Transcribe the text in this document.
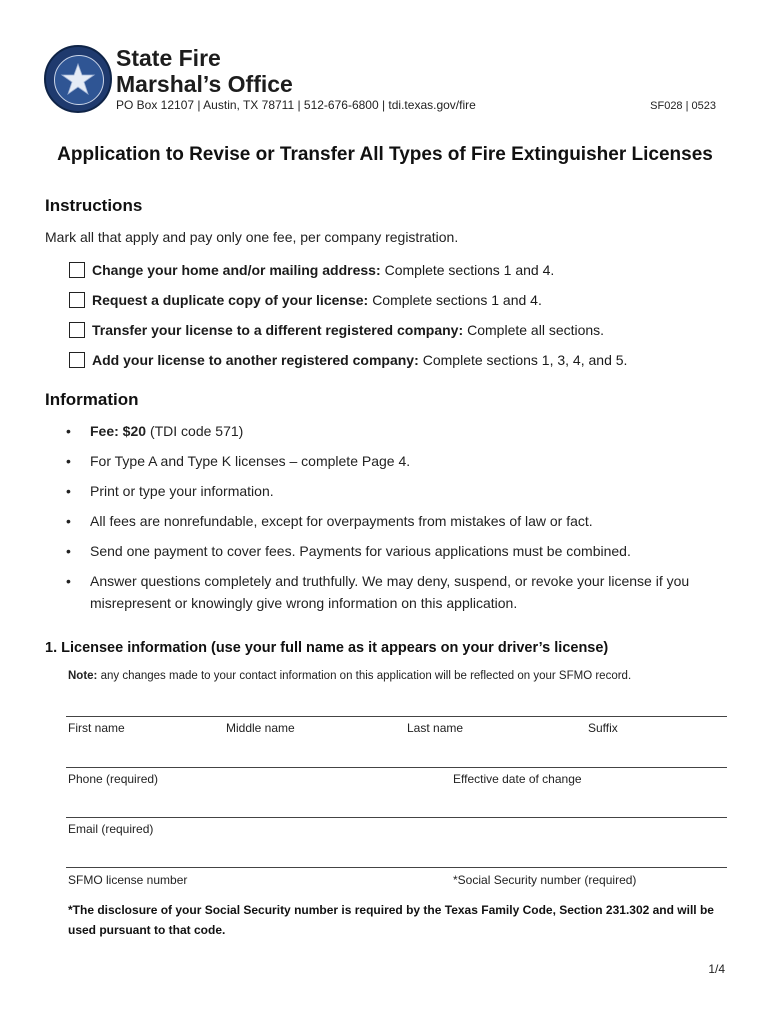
State Fire
Marshal’s Office
PO Box 12107 | Austin, TX 78711 | 512-676-6800 | tdi.texas.gov/fire	SF028 | 0523
Application to Revise or Transfer All Types of Fire Extinguisher Licenses
Instructions
Mark all that apply and pay only one fee, per company registration.
Change your home and/or mailing address: Complete sections 1 and 4.
Request a duplicate copy of your license: Complete sections 1 and 4.
Transfer your license to a different registered company: Complete all sections.
Add your license to another registered company: Complete sections 1, 3, 4, and 5.
Information
•	Fee: $20 (TDI code 571)
•	For Type A and Type K licenses – complete Page 4.
•	Print or type your information.
•	All fees are nonrefundable, except for overpayments from mistakes of law or fact.
•	Send one payment to cover fees. Payments for various applications must be combined.
•	Answer questions completely and truthfully. We may deny, suspend, or revoke your license if you misrepresent or knowingly give wrong information on this application.
1. Licensee information (use your full name as it appears on your driver’s license)
Note: any changes made to your contact information on this application will be reflected on your SFMO record.
First name	Middle name	Last name	Suffix
Phone (required)	Effective date of change
Email (required)
SFMO license number	*Social Security number (required)
*The disclosure of your Social Security number is required by the Texas Family Code, Section 231.302 and will be used pursuant to that code.
1/4
